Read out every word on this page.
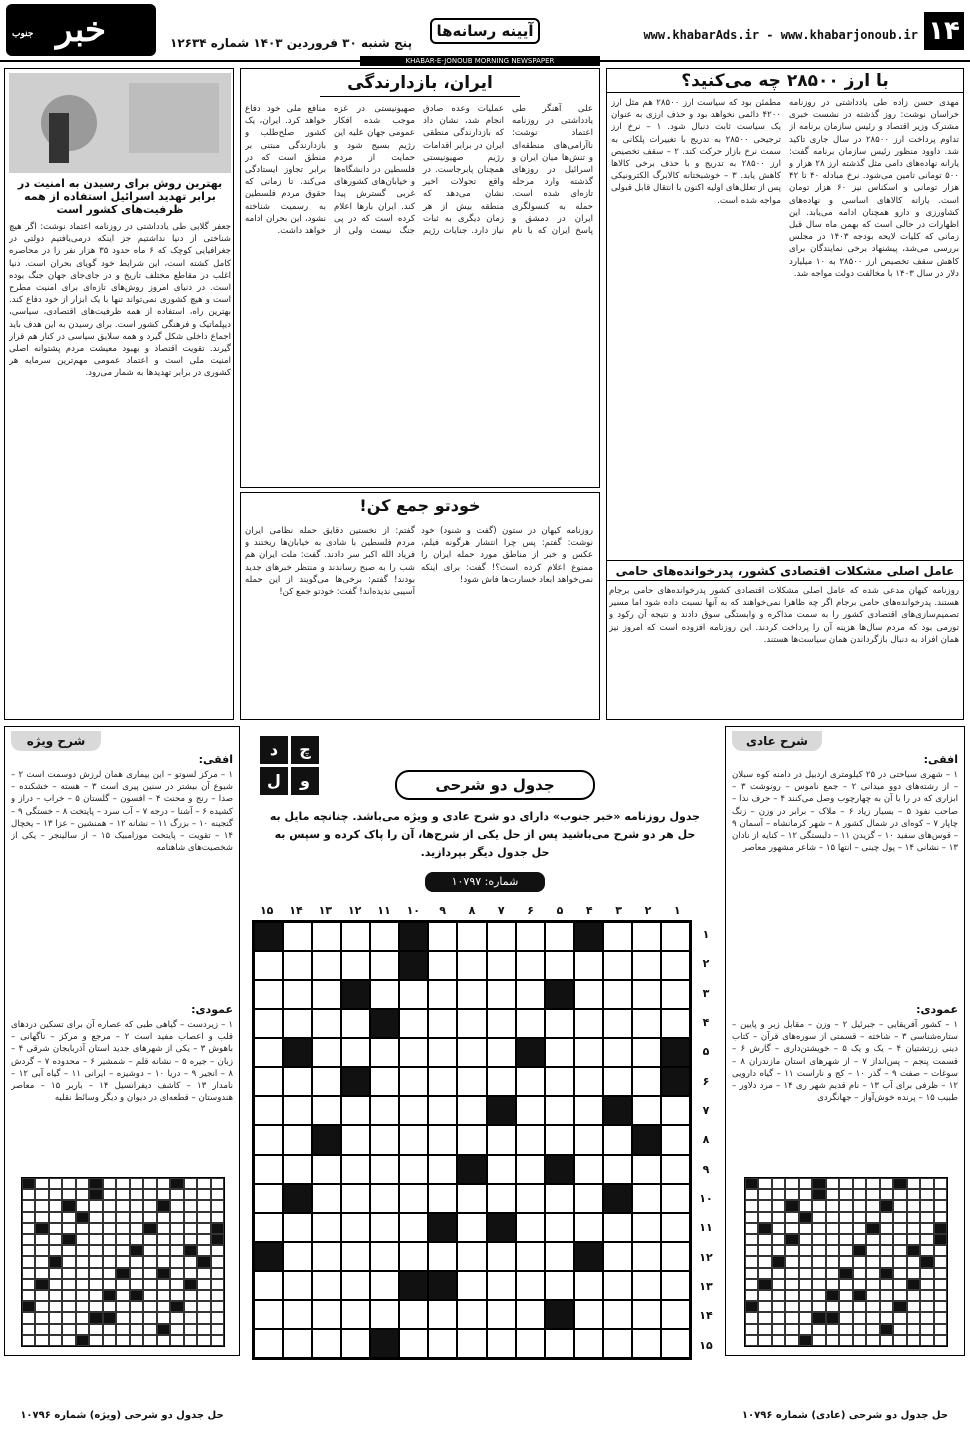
۱۴
www.khabarAds.ir - www.khabarjonoub.ir
آیینه رسانه‌ها
پنج شنبه ۳۰ فروردین ۱۴۰۳ شماره ۱۲۶۳۴
خبر
جنوب
KHABAR-E-JONOUB MORNING NEWSPAPER
با ارز ۲۸۵۰۰ چه می‌کنید؟
مهدی حسن زاده طی یادداشتی در روزنامه خراسان نوشت: روز گذشته در نشست خبری مشترک وزیر اقتصاد و رئیس سازمان برنامه از تداوم پرداخت ارز ۲۸۵۰۰ در سال جاری تاکید شد. داوود منظور رئیس سازمان برنامه گفت: یارانه نهاده‌های دامی مثل گذشته ارز ۲۸ هزار و ۵۰۰ تومانی تامین می‌شود. نرخ مبادله ۴۰ تا ۴۲ هزار تومانی و اسکناس نیز ۶۰ هزار تومان است. یارانه کالاهای اساسی و نهاده‌های کشاورزی و دارو همچنان ادامه می‌یابد. این اظهارات در حالی است که بهمن ماه سال قبل زمانی که کلیات لایحه بودجه ۱۴۰۳ در مجلس بررسی می‌شد، پیشنهاد برخی نمایندگان برای کاهش سقف تخصیص ارز ۲۸۵۰۰ به ۱۰ میلیارد دلار در سال ۱۴۰۳ با مخالفت دولت مواجه شد.
مطمئن بود که سیاست ارز ۲۸۵۰۰ هم مثل ارز ۴۲۰۰ دائمی نخواهد بود و حذف ارزی به عنوان یک سیاست ثابت دنبال شود. ۱ – نرخ ارز ترجیحی ۲۸۵۰۰ به تدریج با تغییرات پلکانی به سمت نرخ بازار حرکت کند. ۲ – سقف تخصیص ارز ۲۸۵۰۰ به تدریج و با حذف برخی کالاها کاهش یابد. ۳ – خوشبختانه کالابرگ الکترونیکی پس از تعلل‌های اولیه اکنون با انتقال قابل قبولی مواجه شده است.
عامل اصلی مشکلات اقتصادی کشور، پدرخوانده‌های حامی
روزنامه کیهان مدعی شده که عامل اصلی مشکلات اقتصادی کشور پدرخوانده‌های حامی برجام هستند. پدرخوانده‌های حامی برجام اگر چه ظاهرا نمی‌خواهند که به آنها نسبت داده شود اما مسیر تصمیم‌سازی‌های اقتصادی کشور را به سمت مذاکره و وابستگی سوق دادند و نتیجه آن رکود و تورمی بود که مردم سال‌ها هزینه آن را پرداخت کردند. این روزنامه افزوده است که امروز نیز همان افراد به دنبال بازگرداندن همان سیاست‌ها هستند.
ایران، بازدارندگی
علی آهنگر طی یادداشتی در روزنامه اعتماد نوشت: ناآرامی‌های منطقه‌ای و تنش‌ها میان ایران و اسرائیل در روزهای گذشته وارد مرحله تازه‌ای شده است. حمله به کنسولگری ایران در دمشق و پاسخ ایران که با نام عملیات وعده صادق انجام شد، نشان داد که بازدارندگی منطقی ایران در برابر اقدامات رژیم صهیونیستی همچنان پابرجاست. در واقع تحولات اخیر نشان می‌دهد که منطقه بیش از هر زمان دیگری به ثبات نیاز دارد. جنایات رژیم صهیونیستی در غزه موجب شده افکار عمومی جهان علیه این رژیم بسیج شود و حمایت از مردم فلسطین در دانشگاه‌ها و خیابان‌های کشورهای غربی گسترش پیدا کند. ایران بارها اعلام کرده است که در پی جنگ نیست ولی از منافع ملی خود دفاع خواهد کرد. ایران، یک کشور صلح‌طلب و بازدارندگی مبتنی بر منطق است که در برابر تجاوز ایستادگی می‌کند. تا زمانی که حقوق مردم فلسطین به رسمیت شناخته نشود، این بحران ادامه خواهد داشت.
خودتو جمع کن!
روزنامه کیهان در ستون (گفت و شنود) خود نوشت: گفتم: پس چرا انتشار هرگونه فیلم، عکس و خبر از مناطق مورد حمله ایران را ممنوع اعلام کرده است؟! گفت: برای اینکه نمی‌خواهد ابعاد خسارت‌ها فاش شود!
گفتم: از نخستین دقایق حمله نظامی ایران مردم فلسطین با شادی به خیابان‌ها ریختند و فریاد الله اکبر سر دادند. گفت: ملت ایران هم شب را به صبح رساندند و منتظر خبرهای جدید بودند! گفتم: برخی‌ها می‌گویند از این حمله آسیبی ندیده‌اند! گفت: خودتو جمع کن!
بهترین روش برای رسیدن به امنیت در برابر تهدید اسرائیل استفاده از همه ظرفیت‌های کشور است
جعفر گلابی طی یادداشتی در روزنامه اعتماد نوشت: اگر هیچ شناختی از دنیا نداشتیم جز اینکه درمی‌یافتیم دولتی در جغرافیایی کوچک که ۶ ماه حدود ۳۵ هزار نفر را در محاصره کامل کشته است، این شرایط خود گویای بحران است. دنیا اغلب در مقاطع مختلف تاریخ و در جای‌جای جهان جنگ بوده است. در دنیای امروز روش‌های تازه‌ای برای امنیت مطرح است و هیچ کشوری نمی‌تواند تنها با یک ابزار از خود دفاع کند. بهترین راه، استفاده از همه ظرفیت‌های اقتصادی، سیاسی، دیپلماتیک و فرهنگی کشور است. برای رسیدن به این هدف باید اجماع داخلی شکل گیرد و همه سلایق سیاسی در کنار هم قرار گیرند. تقویت اقتصاد و بهبود معیشت مردم پشتوانه اصلی امنیت ملی است و اعتماد عمومی مهم‌ترین سرمایه هر کشوری در برابر تهدیدها به شمار می‌رود.
چ
د
و
ل	جدول دو شرحی
جدول روزنامه «خبر جنوب» دارای دو شرح عادی و ویژه می‌باشد. چنانچه مایل به حل هر دو شرح می‌باشید پس از حل یکی از شرح‌ها، آن را پاک کرده و سپس به حل جدول دیگر بپردازید.
شماره: ۱۰۷۹۷
۱۵	۱۴	۱۳	۱۲	۱۱	۱۰	۹	۸	۷	۶	۵	۴	۳	۲	۱
۱
۲
۳
۴
۵
۶
۷
۸
۹
۱۰
۱۱
۱۲
۱۳
۱۴
۱۵
شرح عادی
افقی:
۱ – شهری سیاحتی در ۲۵ کیلومتری اردبیل در دامنه کوه سبلان – از رشته‌های دوو میدانی ۲ – جمع ناموس – رونوشت ۳ – ابزاری که در را با آن به چهارچوب وصل می‌کنند ۴ – حرف ندا – صاحب نفوذ ۵ – بسیار زیاد ۶ – ملاک – برابر در وزن – زنگ چاپار ۷ – کوه‌ای در شمال کشور ۸ – شهر کرمانشاه – آسمان ۹ – قوس‌های سفید ۱۰ – گزیدن ۱۱ – دلبستگی ۱۲ – کنایه از نادان ۱۳ – نشانی ۱۴ – پول چینی – انتها ۱۵ – شاعر مشهور معاصر
عمودی:
۱ – کشور آفریقایی – جبرئیل ۲ – وزن – مقابل زبر و پایین – ستاره‌شناسی ۳ – شاخته – قسمتی از سوره‌های قرآن – کتاب دینی زرتشتیان ۴ – یک و یک ۵ – خویشتن‌داری – گارش ۶ – قسمت پنجم – پس‌انداز ۷ – از شهرهای استان مازندران ۸ – سوغات – صفت ۹ – گذر ۱۰ – کج و ناراست ۱۱ – گیاه دارویی ۱۲ – ظرفی برای آب ۱۳ – نام قدیم شهر ری ۱۴ – مرد دلاور – طبیب ۱۵ – پرنده خوش‌آواز – جهانگردی
حل جدول دو شرحی (عادی) شماره ۱۰۷۹۶
شرح ویژه
افقی:
۱ – مرکز لسوتو – این بیماری همان لرزش دوسمت است ۲ – شیوع آن بیشتر در سنین پیری است ۳ – هسته – خشکنده – صدا – رنج و محنت ۴ – افسون – گلستان ۵ – خراب – دراز و کشیده ۶ – آشنا – درجه ۷ – آب سرد – پایتخت ۸ – خستگی ۹ – گنجینه ۱۰ – بزرگ ۱۱ – نشانه ۱۲ – همنشین – عزا ۱۳ – یخچال ۱۴ – تقویت – پایتخت موزامبیک ۱۵ – از سالینجر – یکی از شخصیت‌های شاهنامه
عمودی:
۱ – زیردست – گیاهی طبی که عصاره آن برای تسکین دردهای قلب و اعصاب مفید است ۲ – مرجع و مرکز – ناگهانی – باهوش ۳ – یکی از شهرهای جدید استان آذربایجان شرقی ۴ – زبان – جیره ۵ – نشانه قلم – شمشیر ۶ – محدوده ۷ – گردش ۸ – انجیر ۹ – دریا ۱۰ – دوشیزه – ایرانی ۱۱ – گیاه آبی ۱۲ – نامدار ۱۳ – کاشف دیفرانسیل ۱۴ – باربر ۱۵ – معاصر هندوستان – قطعه‌ای در دیوان و دیگر وسائط نقلیه
حل جدول دو شرحی (ویژه) شماره ۱۰۷۹۶
